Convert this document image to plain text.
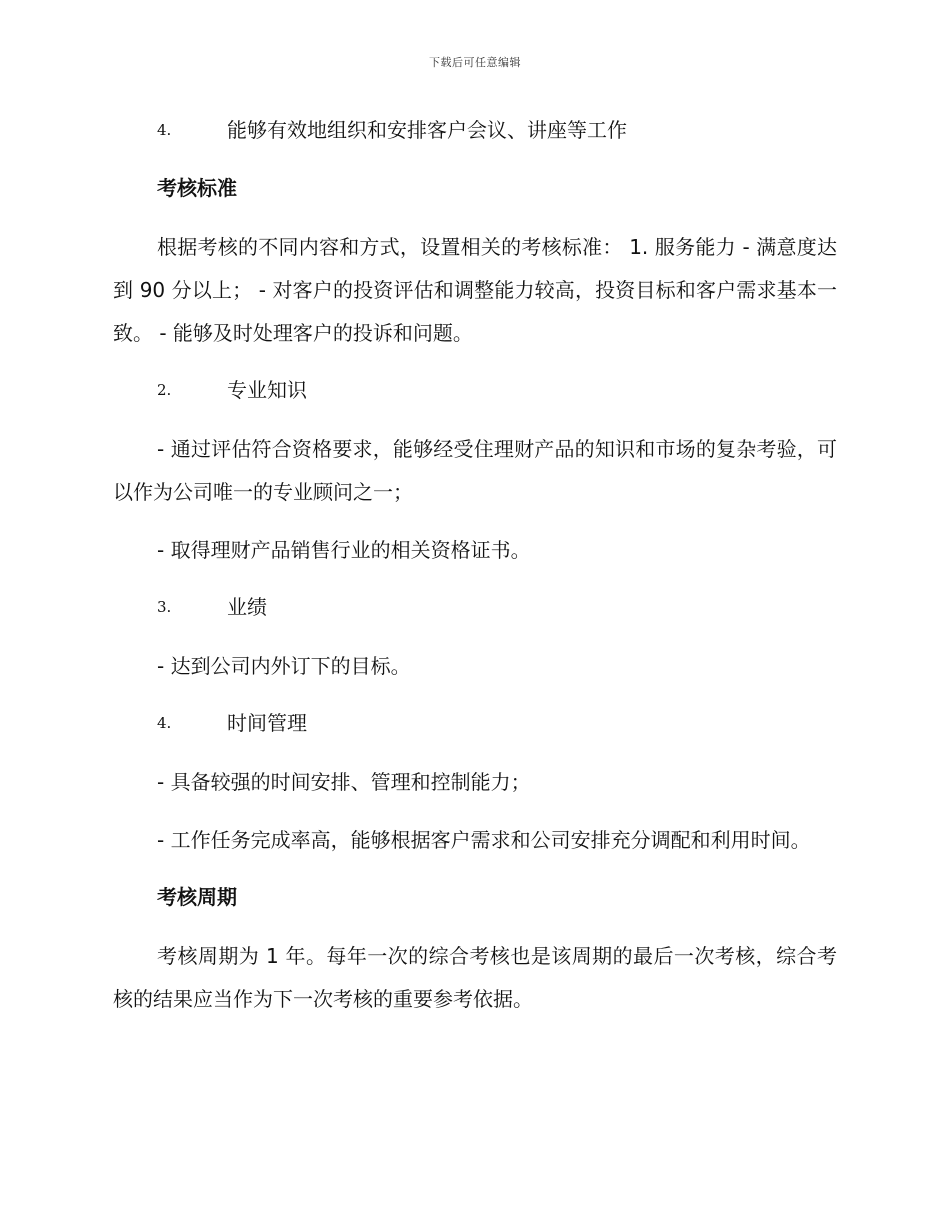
下载后可任意编辑
4.	能够有效地组织和安排客户会议、讲座等工作
考核标准

根据考核的不同内容和方式，设置相关的考核标准： 1. 服务能力 - 满意度达到 90 分以上； - 对客户的投资评估和调整能力较高，投资目标和客户需求基本一致。 - 能够及时处理客户的投诉和问题。

2.	专业知识

- 通过评估符合资格要求，能够经受住理财产品的知识和市场的复杂考验，可以作为公司唯一的专业顾问之一；

- 取得理财产品销售行业的相关资格证书。

3.	业绩

- 达到公司内外订下的目标。

4.	时间管理

- 具备较强的时间安排、管理和控制能力；

- 工作任务完成率高，能够根据客户需求和公司安排充分调配和利用时间。

考核周期

考核周期为 1 年。每年一次的综合考核也是该周期的最后一次考核，综合考核的结果应当作为下一次考核的重要参考依据。
